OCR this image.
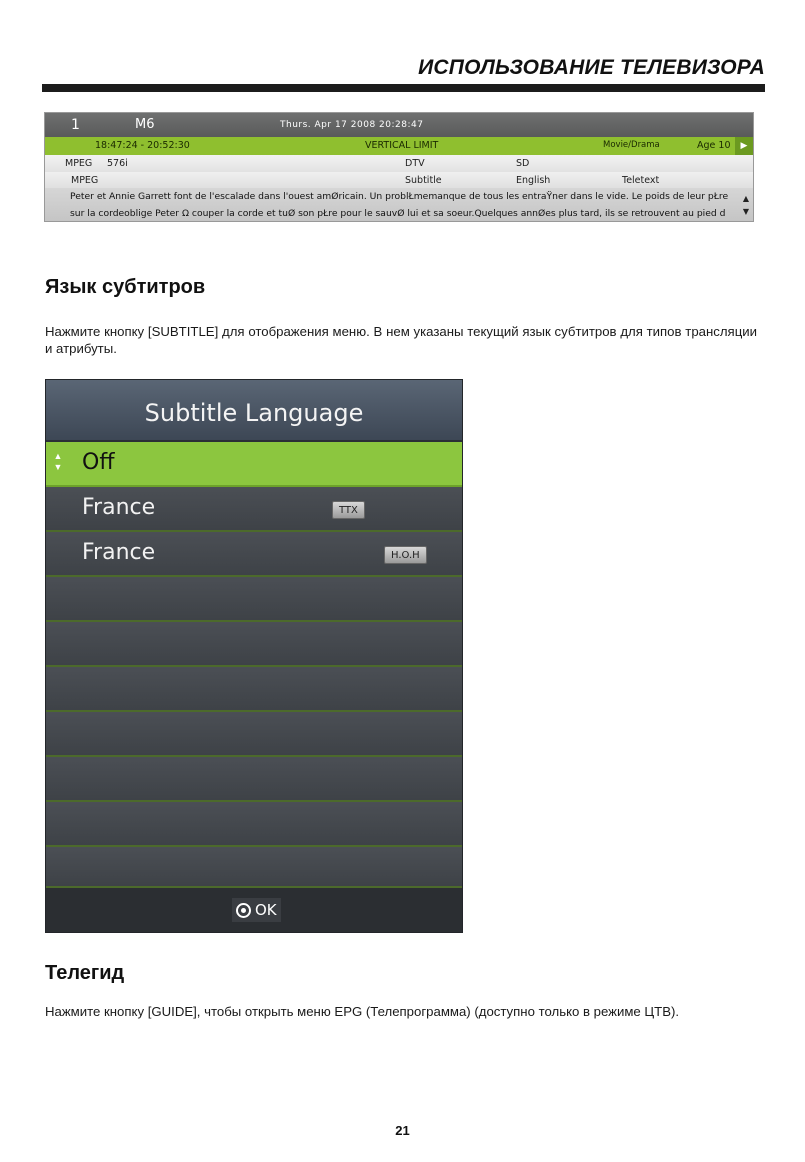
ИСПОЛЬЗОВАНИЕ ТЕЛЕВИЗОРА
1	M6	Thurs. Apr 17 2008 20:28:47
18:47:24 - 20:52:30	VERTICAL LIMIT	Movie/Drama	Age 10	▶
MPEG 576i	DTV	SD
MPEG	Subtitle	English	Teletext
Peter et Annie Garrett font de l'escalade dans l'ouest amØricain. Un problŁmemanque de tous les entraŸner dans le vide. Le poids de leur pŁre
sur la cordeoblige Peter Ω couper la corde et tuØ son pŁre pour le sauvØ lui et sa soeur.Quelques annØes plus tard, ils se retrouvent au pied d
▲
▼
Язык субтитров
Нажмите кнопку [SUBTITLE] для отображения меню. В нем указаны текущий язык субтитров для типов трансляции и атрибуты.
Subtitle Language
▲
▼ Off
France	TTX
France	H.O.H
OK
Телегид
Нажмите кнопку [GUIDE], чтобы открыть меню EPG (Телепрограмма) (доступно только в режиме ЦТВ).
21
